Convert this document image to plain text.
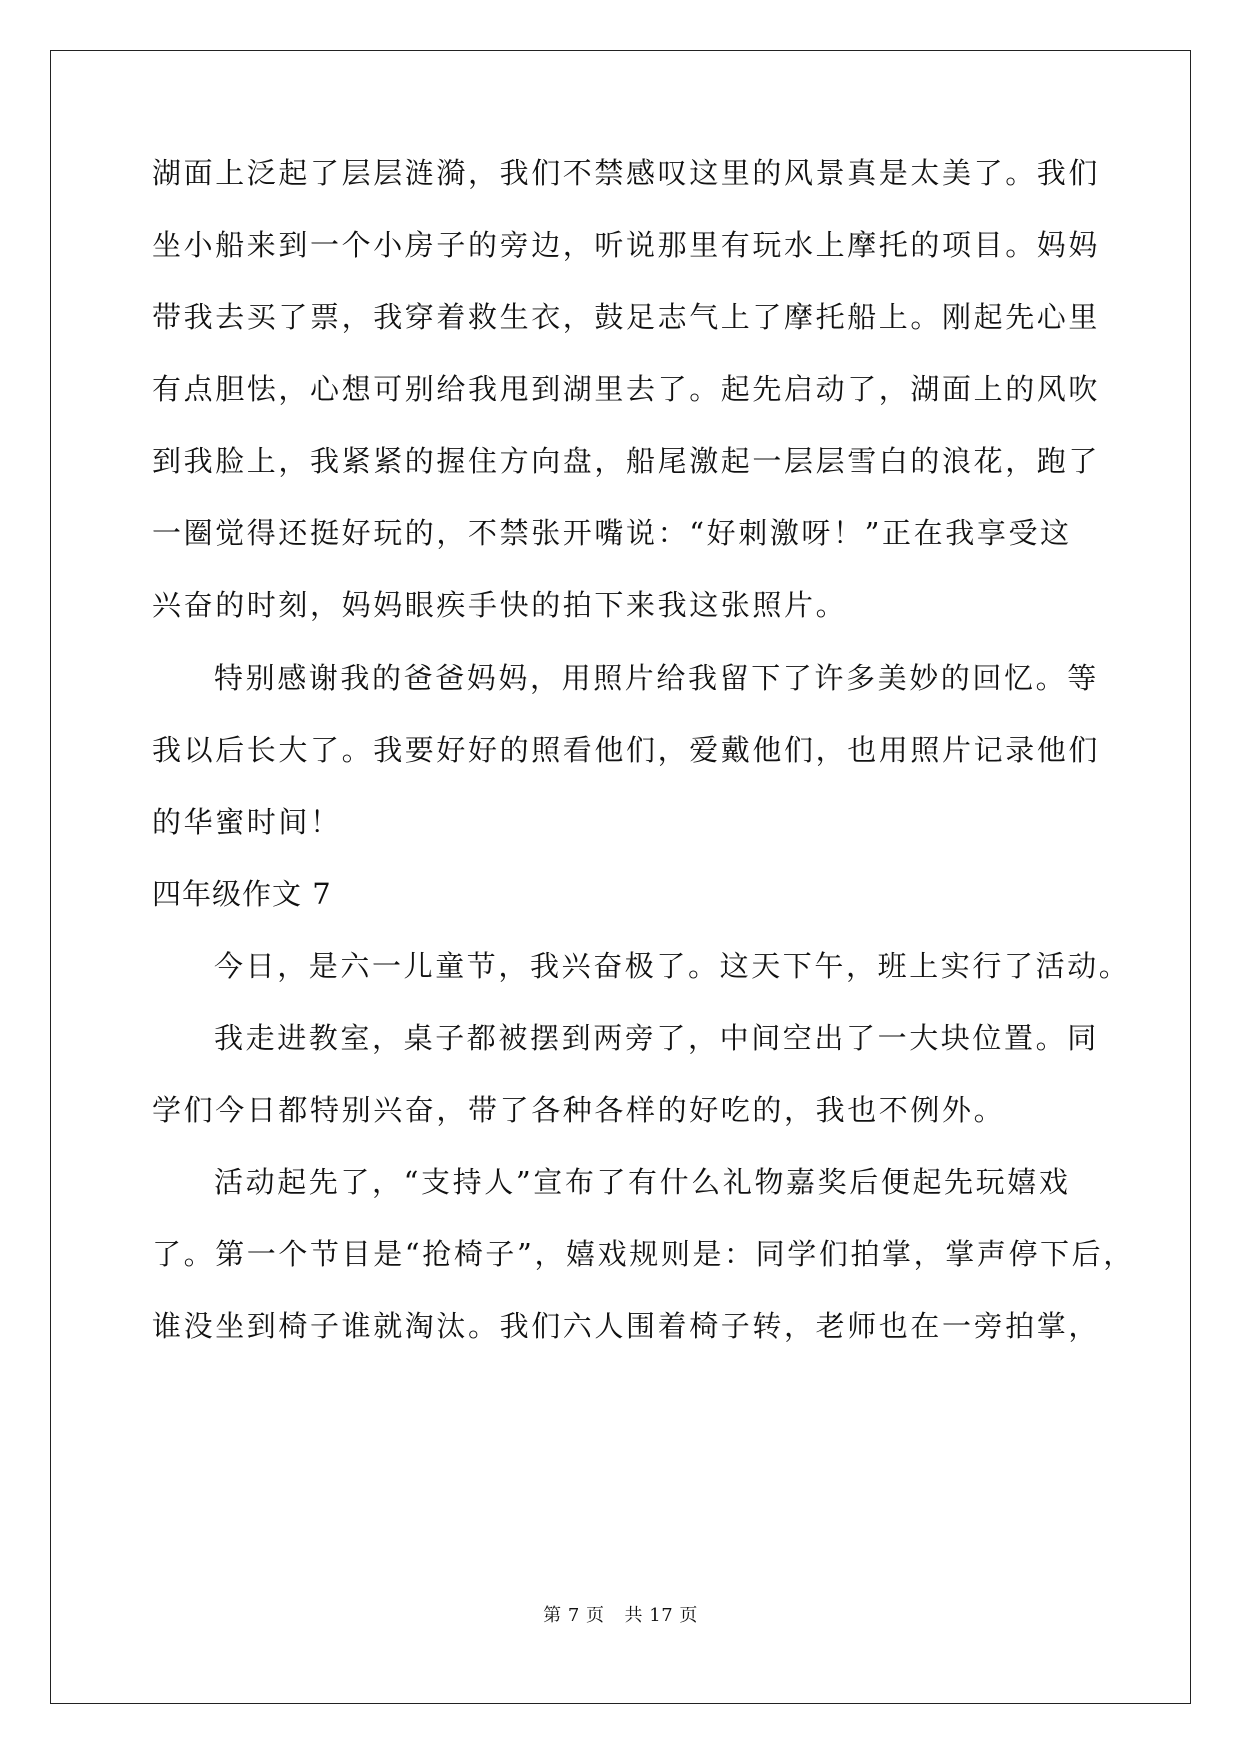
湖面上泛起了层层涟漪，我们不禁感叹这里的风景真是太美了。我们
坐小船来到一个小房子的旁边，听说那里有玩水上摩托的项目。妈妈
带我去买了票，我穿着救生衣，鼓足志气上了摩托船上。刚起先心里
有点胆怯，心想可别给我甩到湖里去了。起先启动了，湖面上的风吹
到我脸上，我紧紧的握住方向盘，船尾激起一层层雪白的浪花，跑了
一圈觉得还挺好玩的，不禁张开嘴说：“好刺激呀！”正在我享受这
兴奋的时刻，妈妈眼疾手快的拍下来我这张照片。
特别感谢我的爸爸妈妈，用照片给我留下了许多美妙的回忆。等
我以后长大了。我要好好的照看他们，爱戴他们，也用照片记录他们
的华蜜时间！
四年级作文 7
今日，是六一儿童节，我兴奋极了。这天下午，班上实行了活动。
我走进教室，桌子都被摆到两旁了，中间空出了一大块位置。同
学们今日都特别兴奋，带了各种各样的好吃的，我也不例外。
活动起先了，“支持人”宣布了有什么礼物嘉奖后便起先玩嬉戏
了。第一个节目是“抢椅子”，嬉戏规则是：同学们拍掌，掌声停下后，
谁没坐到椅子谁就淘汰。我们六人围着椅子转，老师也在一旁拍掌，
第 7 页 共 17 页
